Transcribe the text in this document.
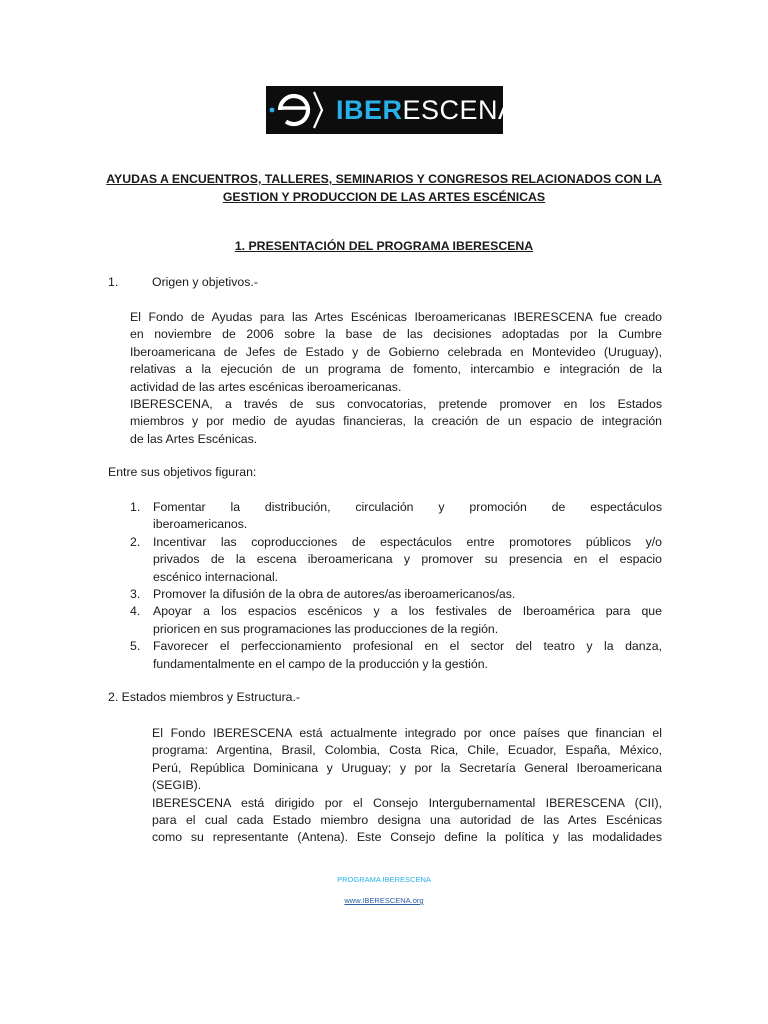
IBERESCENA
AYUDAS A ENCUENTROS, TALLERES, SEMINARIOS Y CONGRESOS RELACIONADOS CON LA
GESTION Y PRODUCCION DE LAS ARTES ESCÉNICAS
1. PRESENTACIÓN DEL PROGRAMA IBERESCENA
1.	Origen y objetivos.-
El Fondo de Ayudas para las Artes Escénicas Iberoamericanas IBERESCENA fue creado
en noviembre de 2006 sobre la base de las decisiones adoptadas por la Cumbre
Iberoamericana de Jefes de Estado y de Gobierno celebrada en Montevideo (Uruguay),
relativas a la ejecución de un programa de fomento, intercambio e integración de la
actividad de las artes escénicas iberoamericanas.
IBERESCENA, a través de sus convocatorias, pretende promover en los Estados
miembros y por medio de ayudas financieras, la creación de un espacio de integración
de las Artes Escénicas.
Entre sus objetivos figuran:
1. Fomentar la distribución, circulación y promoción de espectáculos
iberoamericanos.
2. Incentivar las coproducciones de espectáculos entre promotores públicos y/o
privados de la escena iberoamericana y promover su presencia en el espacio
escénico internacional.
3. Promover la difusión de la obra de autores/as iberoamericanos/as.
4. Apoyar a los espacios escénicos y a los festivales de Iberoamérica para que
prioricen en sus programaciones las producciones de la región.
5. Favorecer el perfeccionamiento profesional en el sector del teatro y la danza,
fundamentalmente en el campo de la producción y la gestión.
2. Estados miembros y Estructura.-
El Fondo IBERESCENA está actualmente integrado por once países que financian el
programa: Argentina, Brasil, Colombia, Costa Rica, Chile, Ecuador, España, México,
Perú, República Dominicana y Uruguay; y por la Secretaría General Iberoamericana
(SEGIB).
IBERESCENA está dirigido por el Consejo Intergubernamental IBERESCENA (CII),
para el cual cada Estado miembro designa una autoridad de las Artes Escénicas
como su representante (Antena). Este Consejo define la política y las modalidades
PROGRAMA IBERESCENA
www.IBERESCENA.org
